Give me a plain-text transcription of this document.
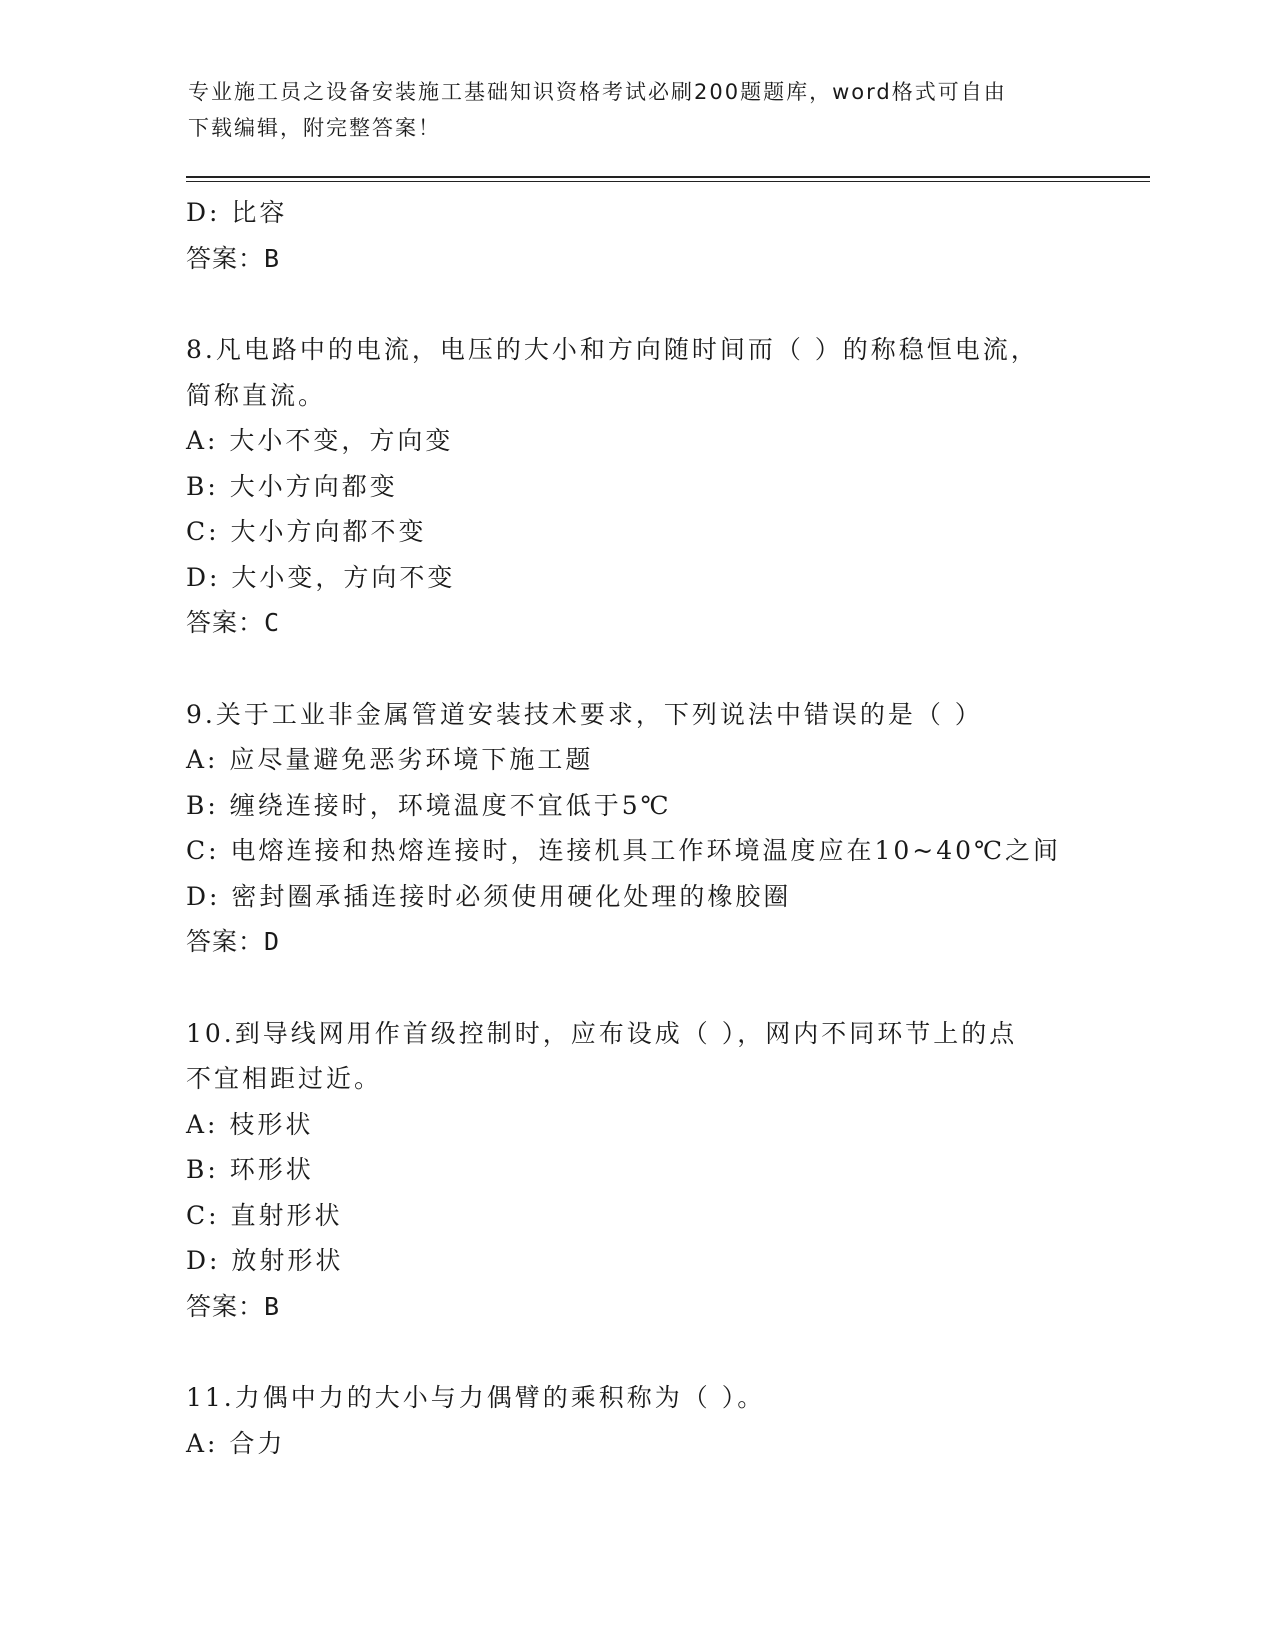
专业施工员之设备安装施工基础知识资格考试必刷200题题库，word格式可自由
下载编辑，附完整答案！
D: 比容
答案：B
8.凡电路中的电流，电压的大小和方向随时间而（ ）的称稳恒电流，
简称直流。
A: 大小不变，方向变
B: 大小方向都变
C: 大小方向都不变
D: 大小变，方向不变
答案：C
9.关于工业非金属管道安装技术要求，下列说法中错误的是（ ）
A: 应尽量避免恶劣环境下施工题
B: 缠绕连接时，环境温度不宜低于5℃
C: 电熔连接和热熔连接时，连接机具工作环境温度应在10~40℃之间
D: 密封圈承插连接时必须使用硬化处理的橡胶圈
答案：D
10.到导线网用作首级控制时，应布设成（ ），网内不同环节上的点
不宜相距过近。
A: 枝形状
B: 环形状
C: 直射形状
D: 放射形状
答案：B
11.力偶中力的大小与力偶臂的乘积称为（ ）。
A: 合力
